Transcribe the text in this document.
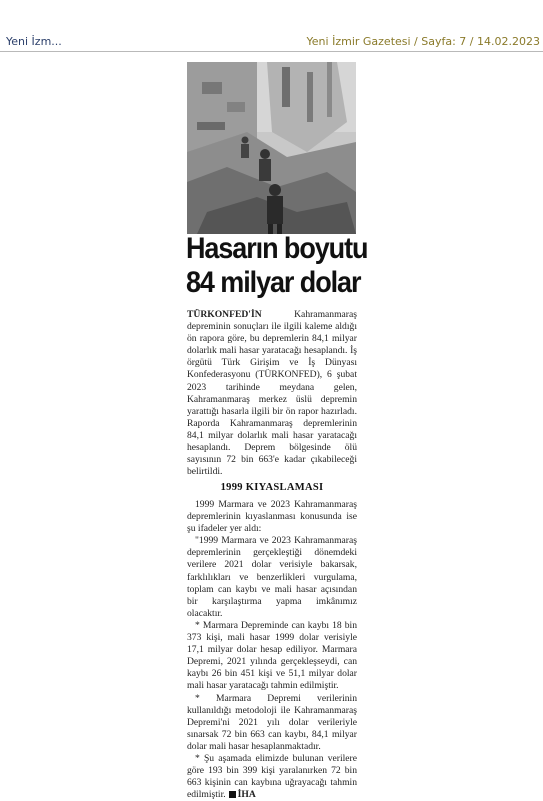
Yeni İzm...	Yeni İzmir Gazetesi / Sayfa: 7 / 14.02.2023
Hasarın boyutu
84 milyar dolar

TÜRKONFED'İN Kahramanmaraş depreminin sonuçları ile ilgili kaleme aldığı ön rapora göre, bu depremlerin 84,1 milyar dolarlık mali hasar yaratacağı hesaplandı. İş örgütü Türk Girişim ve İş Dünyası Konfederasyonu (TÜRKONFED), 6 şubat 2023 tarihinde meydana gelen, Kahramanmaraş merkez üslü depremin yarattığı hasarla ilgili bir ön rapor hazırladı. Raporda Kahramanmaraş depremlerinin 84,1 milyar dolarlık mali hasar yaratacağı hesaplandı. Deprem bölgesinde ölü sayısının 72 bin 663'e kadar çıkabileceği belirtildi.

1999 KIYASLAMASI

1999 Marmara ve 2023 Kahramanmaraş depremlerinin kıyaslanması konusunda ise şu ifadeler yer aldı:

"1999 Marmara ve 2023 Kahramanmaraş depremlerinin gerçekleştiği dönemdeki verilere 2021 dolar verisiyle bakarsak, farklılıkları ve benzerlikleri vurgulama, toplam can kaybı ve mali hasar açısından bir karşılaştırma yapma imkânımız olacaktır.

* Marmara Depreminde can kaybı 18 bin 373 kişi, mali hasar 1999 dolar verisiyle 17,1 milyar dolar hesap ediliyor. Marmara Depremi, 2021 yılında gerçekleşseydi, can kaybı 26 bin 451 kişi ve 51,1 milyar dolar mali hasar yaratacağı tahmin edilmiştir.

* Marmara Depremi verilerinin kullanıldığı metodoloji ile Kahramanmaraş Depremi'ni 2021 yılı dolar verileriyle sınarsak 72 bin 663 can kaybı, 84,1 milyar dolar mali hasar hesaplanmaktadır.

* Şu aşamada elimizde bulunan verilere göre 193 bin 399 kişi yaralanırken 72 bin 663 kişinin can kaybına uğrayacağı tahmin edilmiştir. İHA
